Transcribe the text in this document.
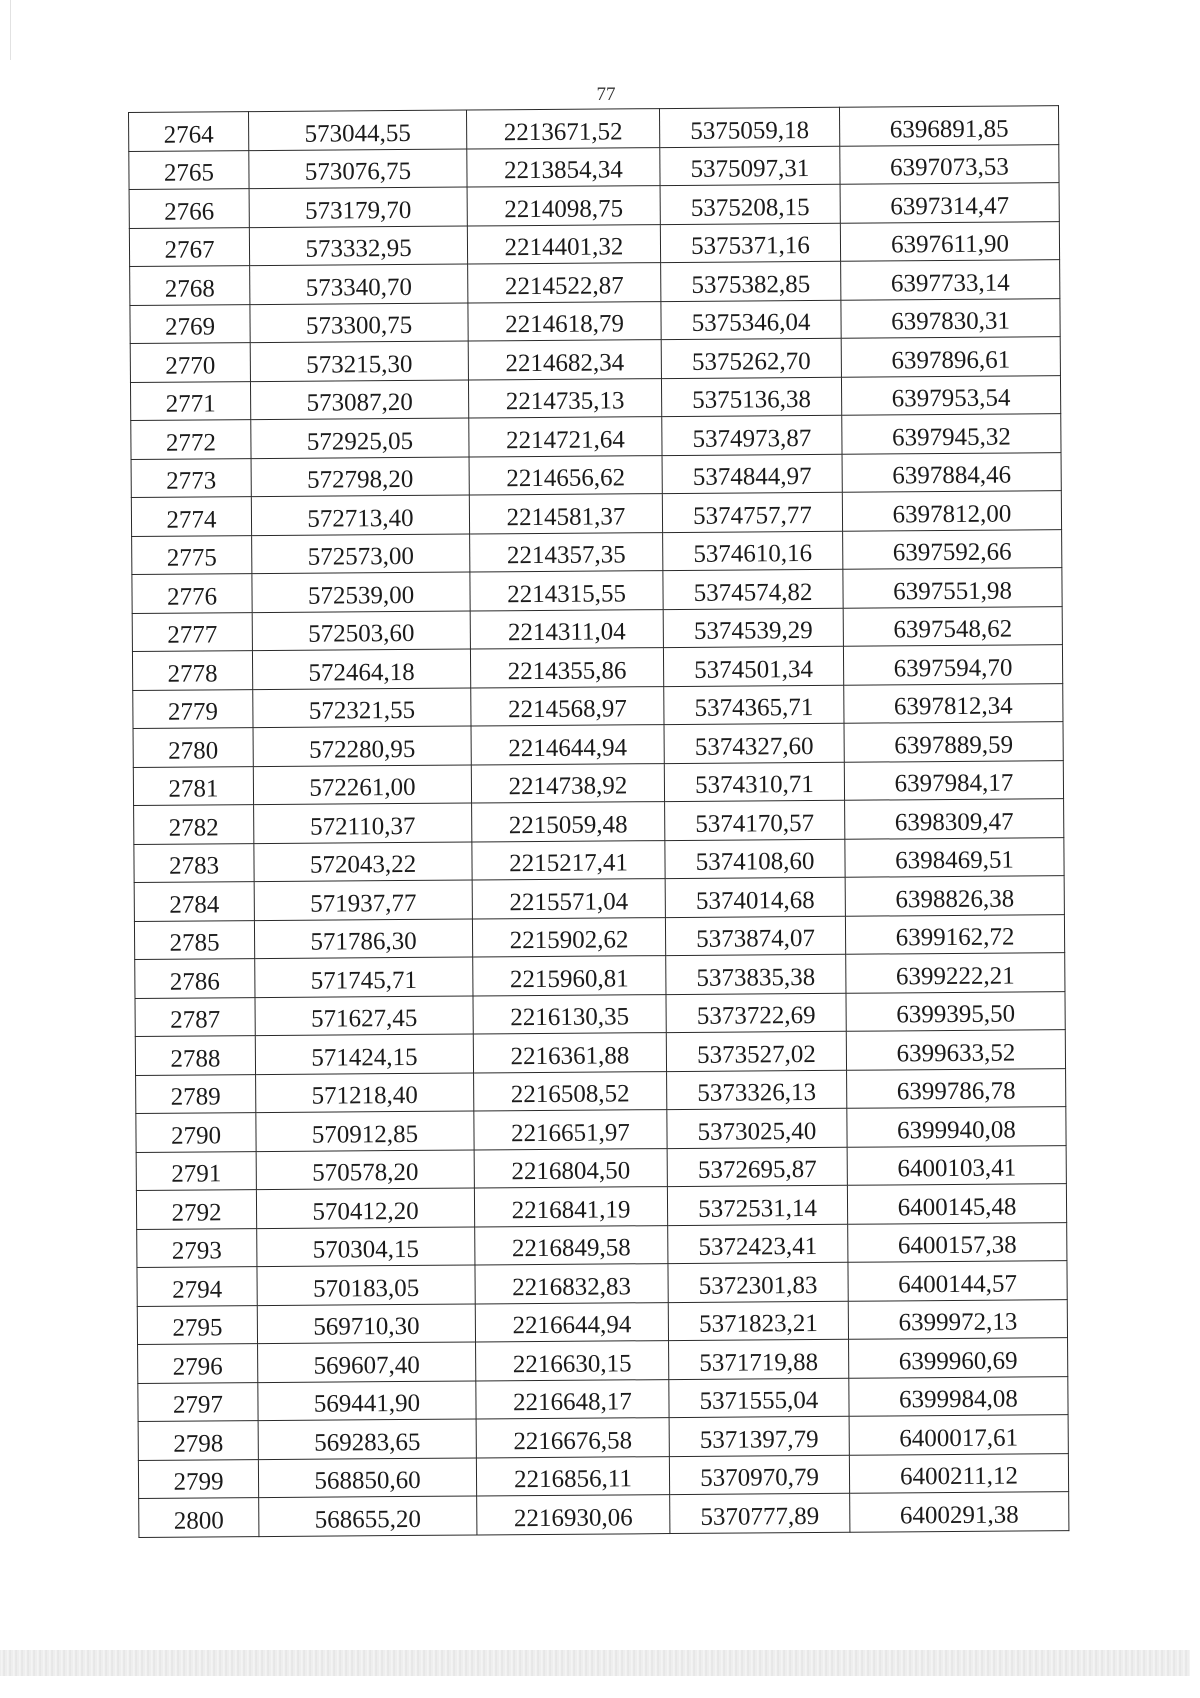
77
2764	573044,55	2213671,52	5375059,18	6396891,85
2765	573076,75	2213854,34	5375097,31	6397073,53
2766	573179,70	2214098,75	5375208,15	6397314,47
2767	573332,95	2214401,32	5375371,16	6397611,90
2768	573340,70	2214522,87	5375382,85	6397733,14
2769	573300,75	2214618,79	5375346,04	6397830,31
2770	573215,30	2214682,34	5375262,70	6397896,61
2771	573087,20	2214735,13	5375136,38	6397953,54
2772	572925,05	2214721,64	5374973,87	6397945,32
2773	572798,20	2214656,62	5374844,97	6397884,46
2774	572713,40	2214581,37	5374757,77	6397812,00
2775	572573,00	2214357,35	5374610,16	6397592,66
2776	572539,00	2214315,55	5374574,82	6397551,98
2777	572503,60	2214311,04	5374539,29	6397548,62
2778	572464,18	2214355,86	5374501,34	6397594,70
2779	572321,55	2214568,97	5374365,71	6397812,34
2780	572280,95	2214644,94	5374327,60	6397889,59
2781	572261,00	2214738,92	5374310,71	6397984,17
2782	572110,37	2215059,48	5374170,57	6398309,47
2783	572043,22	2215217,41	5374108,60	6398469,51
2784	571937,77	2215571,04	5374014,68	6398826,38
2785	571786,30	2215902,62	5373874,07	6399162,72
2786	571745,71	2215960,81	5373835,38	6399222,21
2787	571627,45	2216130,35	5373722,69	6399395,50
2788	571424,15	2216361,88	5373527,02	6399633,52
2789	571218,40	2216508,52	5373326,13	6399786,78
2790	570912,85	2216651,97	5373025,40	6399940,08
2791	570578,20	2216804,50	5372695,87	6400103,41
2792	570412,20	2216841,19	5372531,14	6400145,48
2793	570304,15	2216849,58	5372423,41	6400157,38
2794	570183,05	2216832,83	5372301,83	6400144,57
2795	569710,30	2216644,94	5371823,21	6399972,13
2796	569607,40	2216630,15	5371719,88	6399960,69
2797	569441,90	2216648,17	5371555,04	6399984,08
2798	569283,65	2216676,58	5371397,79	6400017,61
2799	568850,60	2216856,11	5370970,79	6400211,12
2800	568655,20	2216930,06	5370777,89	6400291,38
